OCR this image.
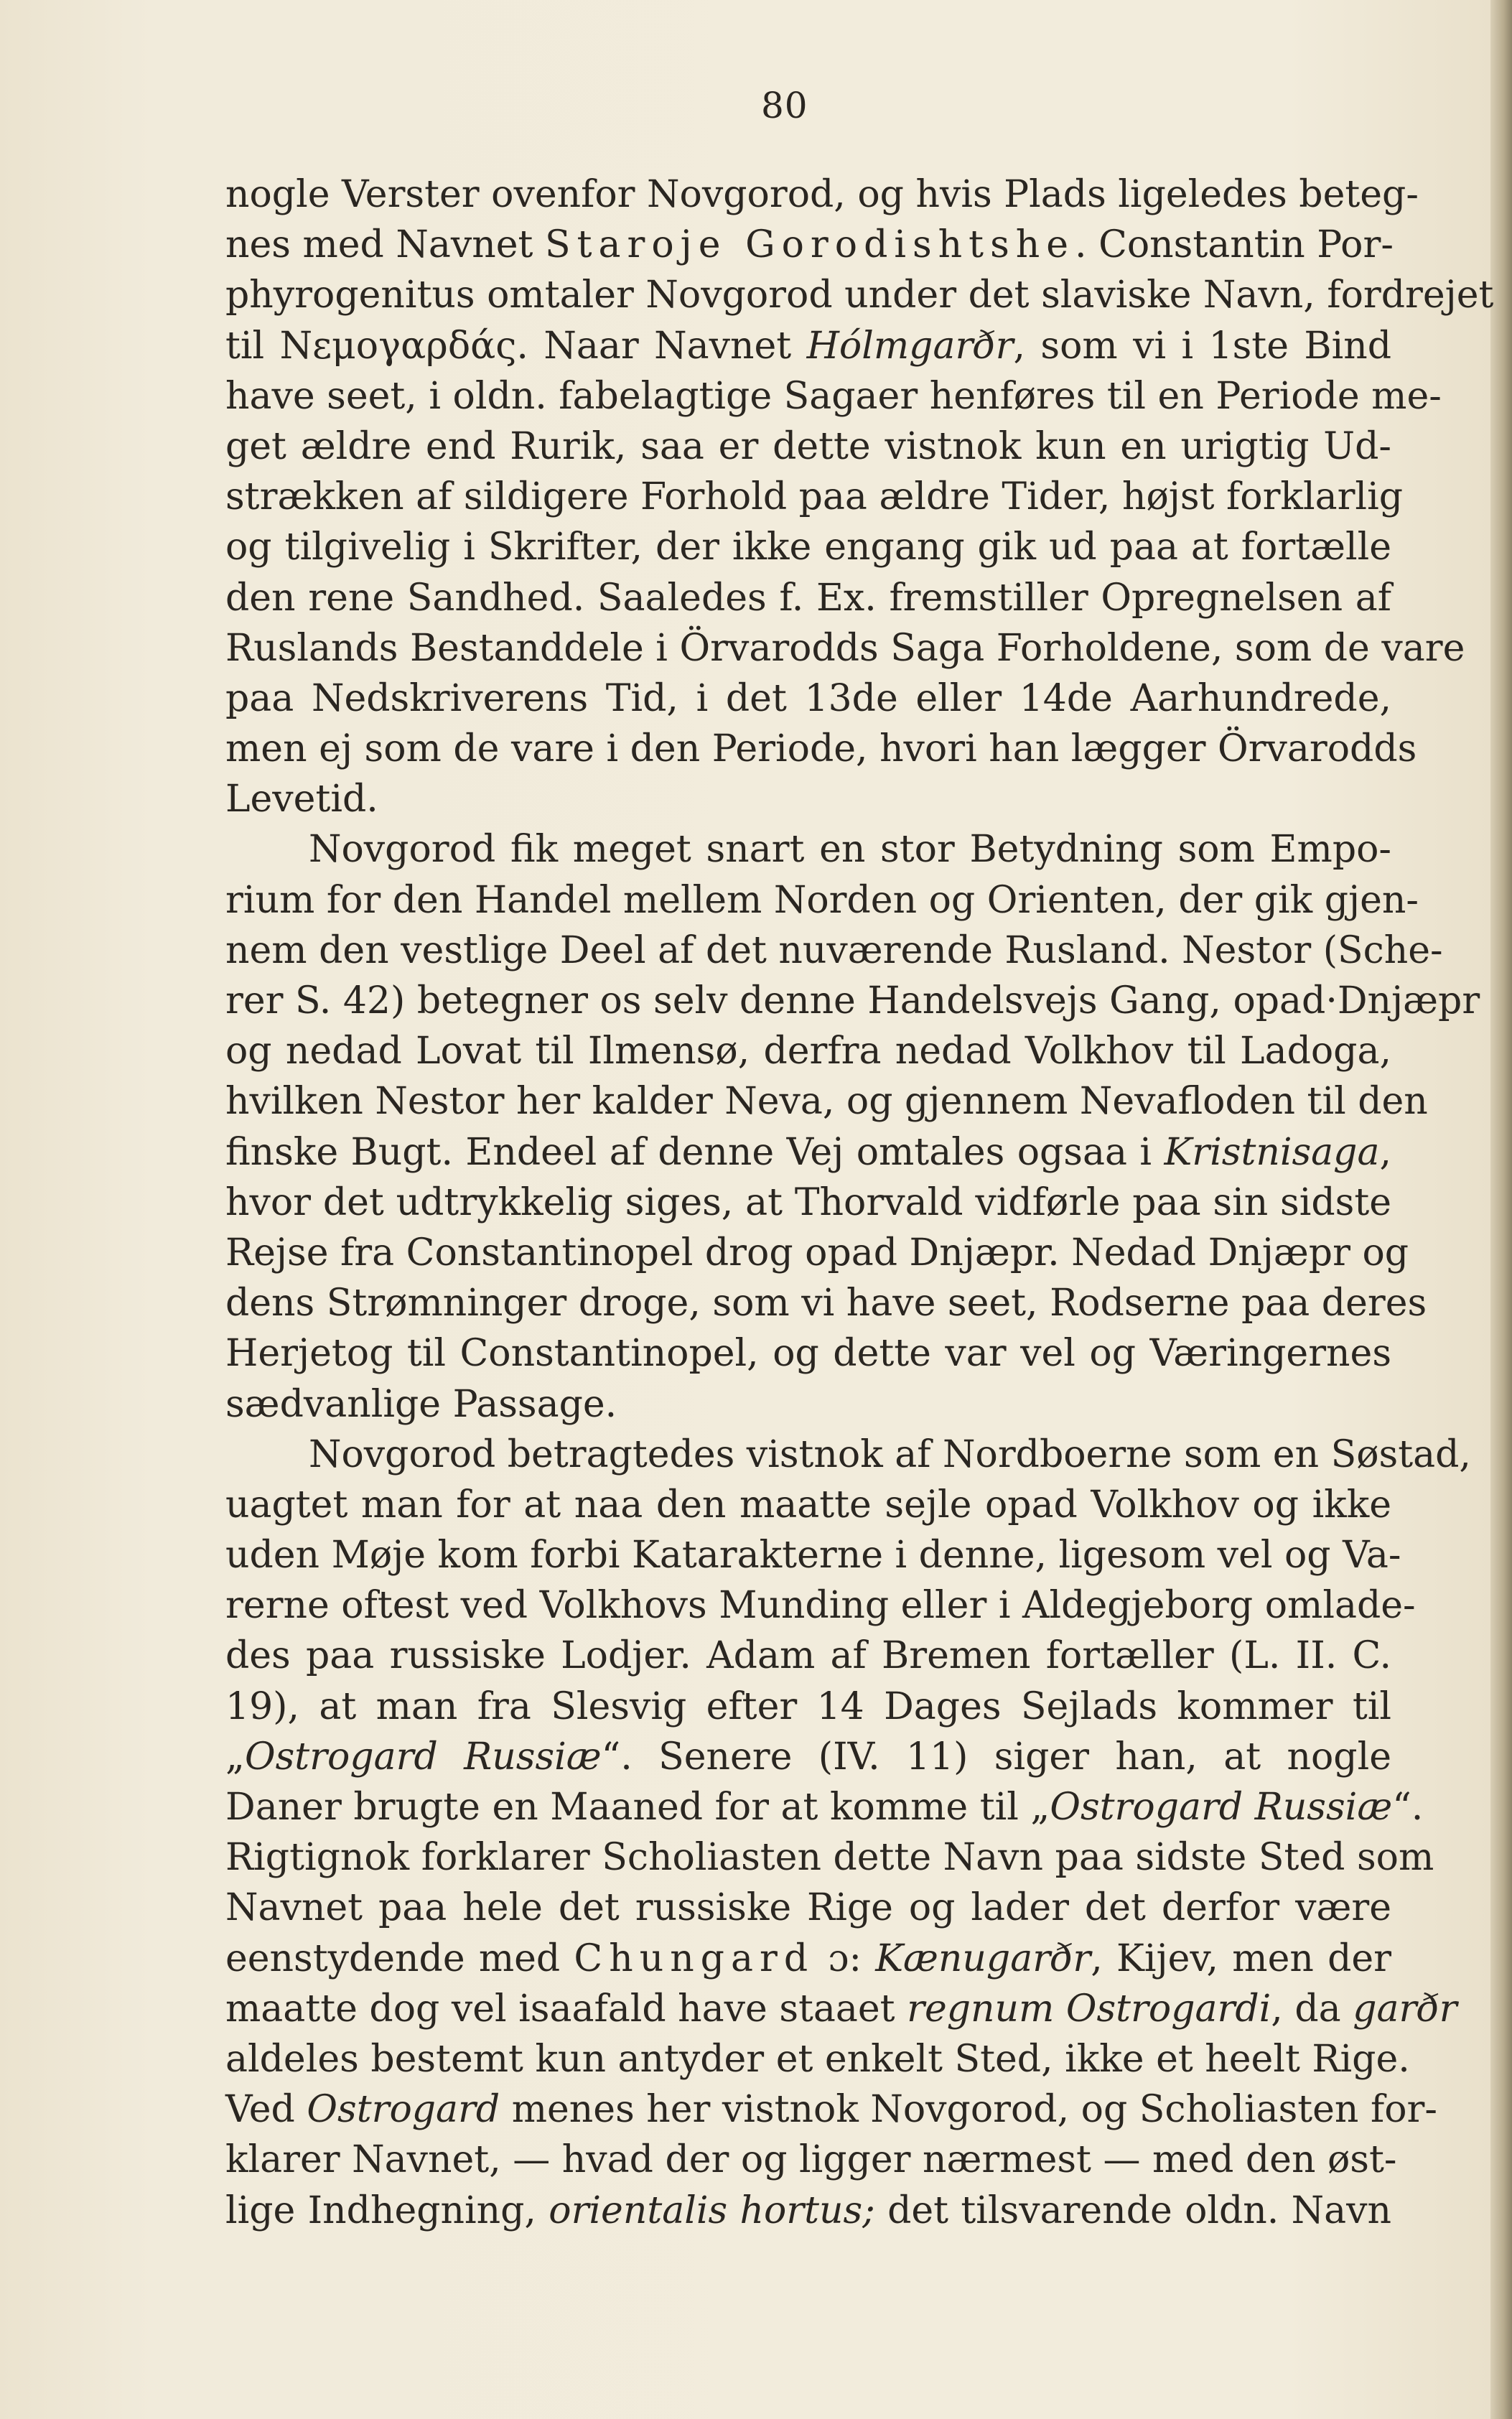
80
nogle Verster ovenfor Novgorod, og hvis Plads ligeledes beteg-
nes med Navnet Staroje Gorodishtshe. Constantin Por-
phyrogenitus omtaler Novgorod under det slaviske Navn, fordrejet
til Νεμογαρδάς. Naar Navnet Hólmgarðr, som vi i 1ste Bind
have seet, i oldn. fabelagtige Sagaer henføres til en Periode me-
get ældre end Rurik, saa er dette vistnok kun en urigtig Ud-
strækken af sildigere Forhold paa ældre Tider, højst forklarlig
og tilgivelig i Skrifter, der ikke engang gik ud paa at fortælle
den rene Sandhed. Saaledes f. Ex. fremstiller Opregnelsen af
Ruslands Bestanddele i Örvarodds Saga Forholdene, som de vare
paa Nedskriverens Tid, i det 13de eller 14de Aarhundrede,
men ej som de vare i den Periode, hvori han lægger Örvarodds
Levetid.
Novgorod fik meget snart en stor Betydning som Empo-
rium for den Handel mellem Norden og Orienten, der gik gjen-
nem den vestlige Deel af det nuværende Rusland. Nestor (Sche-
rer S. 42) betegner os selv denne Handelsvejs Gang, opad·Dnjæpr
og nedad Lovat til Ilmensø, derfra nedad Volkhov til Ladoga,
hvilken Nestor her kalder Neva, og gjennem Nevafloden til den
finske Bugt. Endeel af denne Vej omtales ogsaa i Kristnisaga,
hvor det udtrykkelig siges, at Thorvald vidførle paa sin sidste
Rejse fra Constantinopel drog opad Dnjæpr. Nedad Dnjæpr og
dens Strømninger droge, som vi have seet, Rodserne paa deres
Herjetog til Constantinopel, og dette var vel og Væringernes
sædvanlige Passage.
Novgorod betragtedes vistnok af Nordboerne som en Søstad,
uagtet man for at naa den maatte sejle opad Volkhov og ikke
uden Møje kom forbi Katarakterne i denne, ligesom vel og Va-
rerne oftest ved Volkhovs Munding eller i Aldegjeborg omlade-
des paa russiske Lodjer. Adam af Bremen fortæller (L. II. C.
19), at man fra Slesvig efter 14 Dages Sejlads kommer til
„Ostrogard Russiæ“. Senere (IV. 11) siger han, at nogle
Daner brugte en Maaned for at komme til „Ostrogard Russiæ“.
Rigtignok forklarer Scholiasten dette Navn paa sidste Sted som
Navnet paa hele det russiske Rige og lader det derfor være
eenstydende med Chungard ɔ: Kænugarðr, Kijev, men der
maatte dog vel isaafald have staaet regnum Ostrogardi, da garðr
aldeles bestemt kun antyder et enkelt Sted, ikke et heelt Rige.
Ved Ostrogard menes her vistnok Novgorod, og Scholiasten for-
klarer Navnet, — hvad der og ligger nærmest — med den øst-
lige Indhegning, orientalis hortus; det tilsvarende oldn. Navn
